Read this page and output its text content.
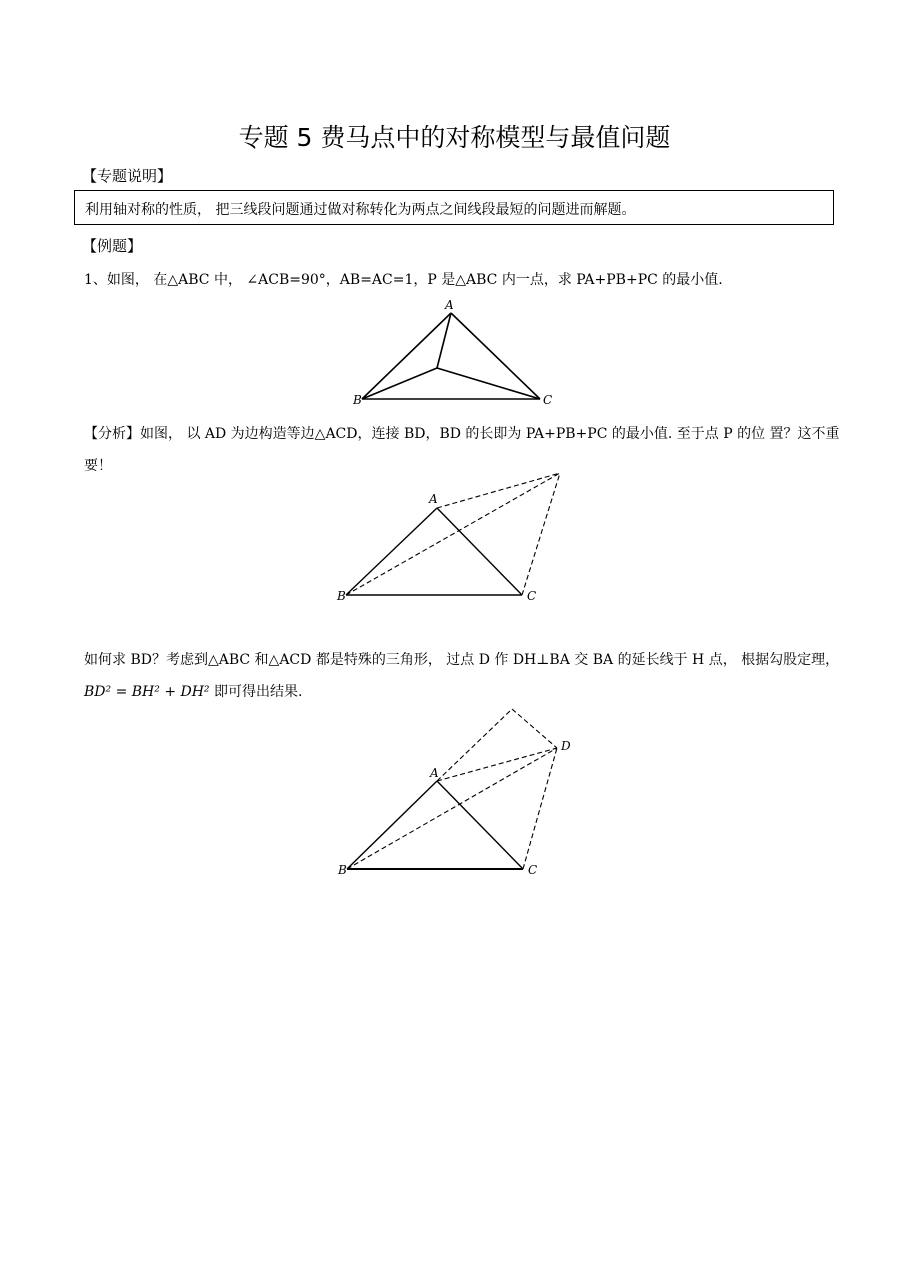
专题 5 费马点中的对称模型与最值问题
【专题说明】
利用轴对称的性质， 把三线段问题通过做对称转化为两点之间线段最短的问题进而解题。
【例题】
1、如图， 在△ABC 中， ∠ACB=90°，AB=AC=1，P 是△ABC 内一点，求 PA+PB+PC 的最小值.
【分析】如图， 以 AD 为边构造等边△ACD，连接 BD，BD 的长即为 PA+PB+PC 的最小值. 至于点 P 的位 置？这不重要！
如何求 BD？考虑到△ABC 和△ACD 都是特殊的三角形， 过点 D 作 DH⊥BA 交 BA 的延长线于 H 点， 根据勾股定理， BD² = BH² + DH² 即可得出结果.
A
B	C
A
B	C
A
B	C
D
